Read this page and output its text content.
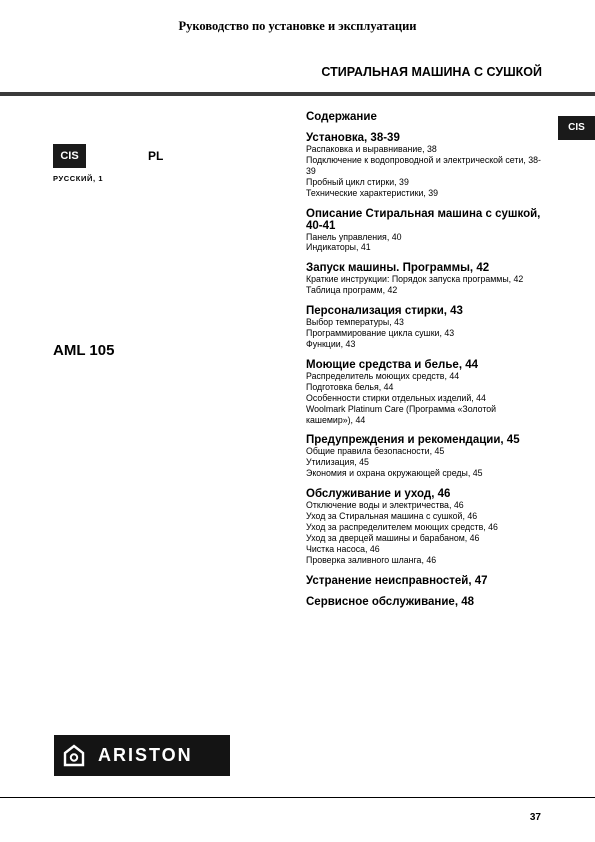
Руководство по установке и эксплуатации
СТИРАЛЬНАЯ МАШИНА С СУШКОЙ
CIS
CIS	PL
РУССКИЙ, 1
AML 105
Содержание
Установка, 38-39
Распаковка и выравнивание, 38
Подключение к водопроводной и электрической сети, 38-39
Пробный цикл стирки, 39
Технические характеристики, 39
Описание Стиральная машина с сушкой, 40-41
Панель управления, 40
Индикаторы, 41
Запуск машины. Программы, 42
Краткие инструкции: Порядок запуска программы, 42
Таблица программ, 42
Персонализация стирки, 43
Выбор температуры, 43
Программирование цикла сушки, 43
Функции, 43
Моющие средства и белье, 44
Распределитель моющих средств, 44
Подготовка белья, 44
Особенности стирки отдельных изделий, 44
Woolmark Platinum Care (Программа «Золотой кашемир»), 44
Предупреждения и рекомендации, 45
Общие правила безопасности, 45
Утилизация, 45
Экономия и охрана окружающей среды, 45
Обслуживание и уход, 46
Отключение воды и электричества, 46
Уход за Стиральная машина с сушкой, 46
Уход за распределителем моющих средств, 46
Уход за дверцей машины и барабаном, 46
Чистка насоса, 46
Проверка заливного шланга, 46
Устранение неисправностей, 47
Сервисное обслуживание, 48
ARISTON
37
